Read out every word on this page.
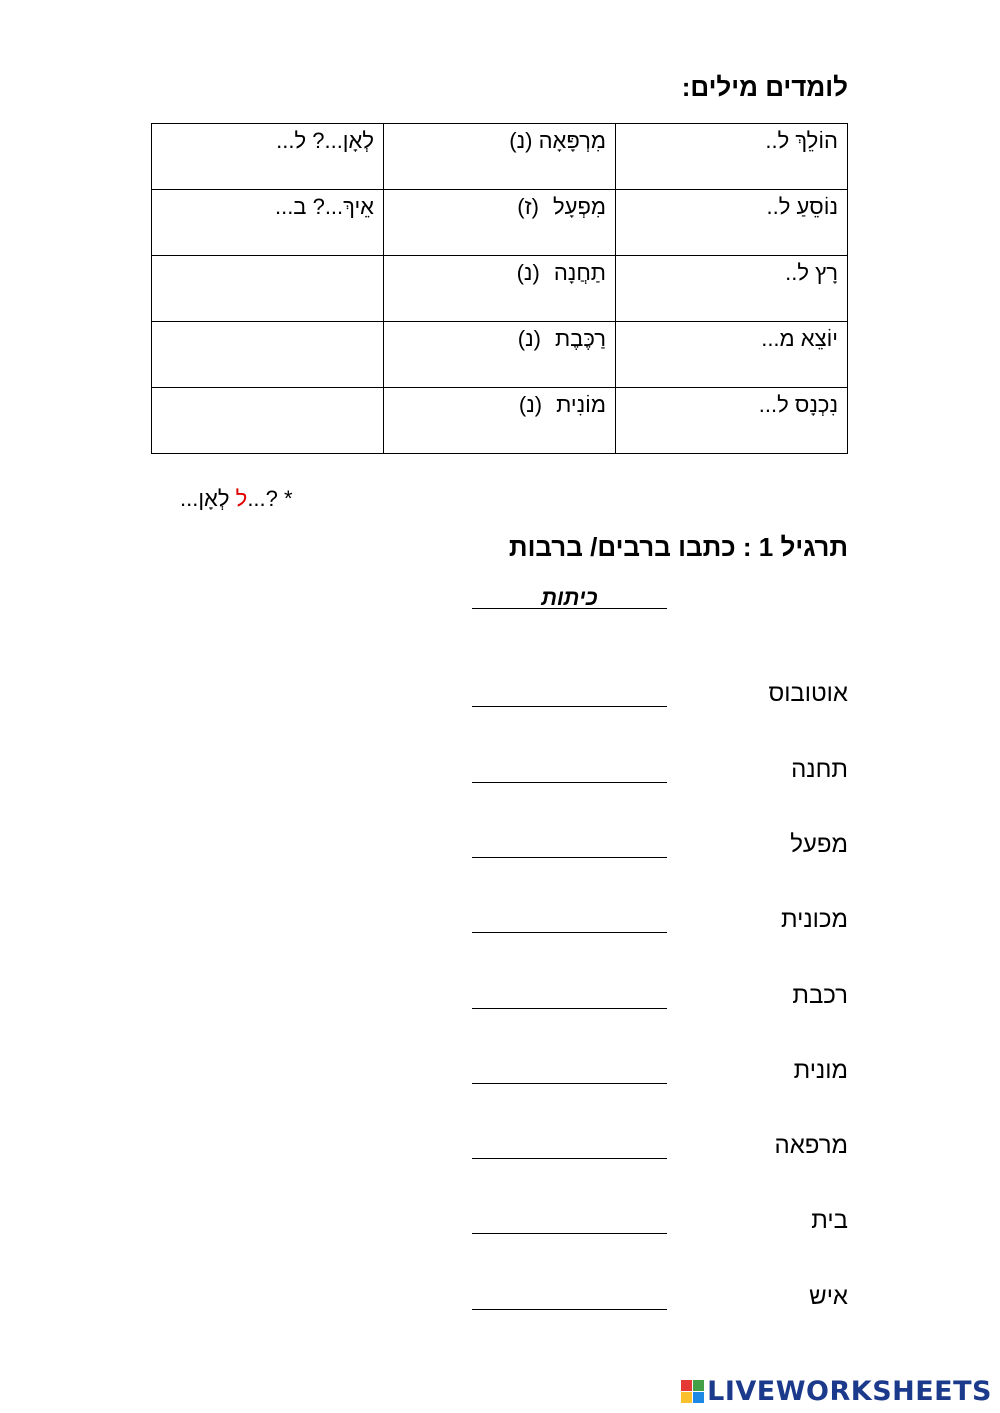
לומדים מילים:
הוֹלֵךְ ל..	מִרְפָּאָה (נ)	לְאָן...? ל...
נוֹסֵעַ ל..	מִפְעָל(ז)	אֵיךְ...? ב...
רָץ ל..	תַחֲנָה(נ)	
יוֹצֵא מ...	רַכֶּבֶת(נ)	
נִכְנָס ל...	מוֹנִית(נ)	
... ל לְאָן...? *
תרגיל 1 : כתבו ברבים/ ברבות
כיתות
אוטובוס
תחנה
מפעל
מכונית
רכבת
מונית
מרפאה
בית
איש
LIVEWORKSHEETS
